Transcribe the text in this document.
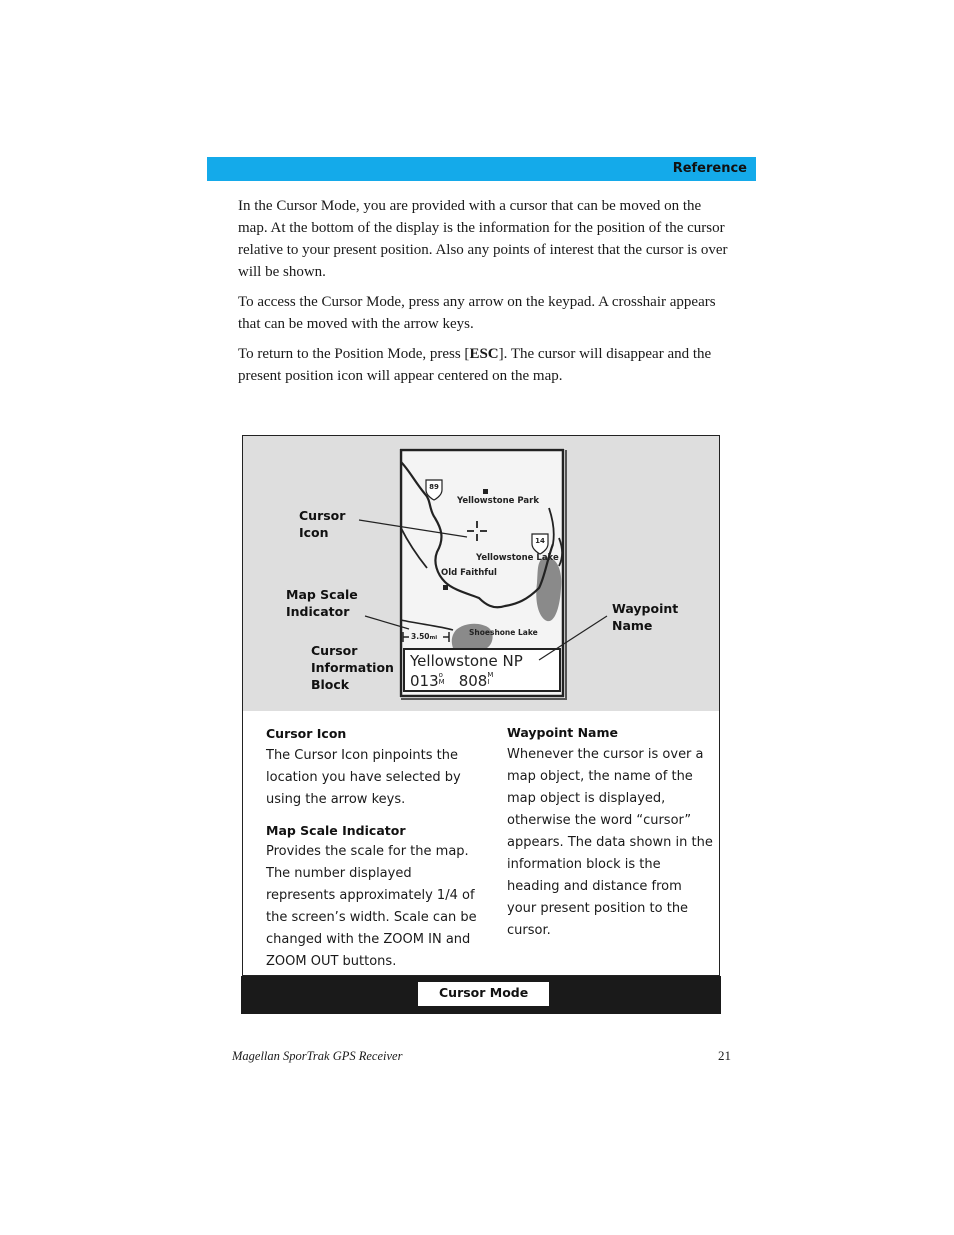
Reference

In the Cursor Mode, you are provided with a cursor that can be moved on the map. At the bottom of the display is the information for the position of the cursor relative to your present position. Also any points of interest that the cursor is over will be shown.

To access the Cursor Mode, press any arrow on the keypad. A crosshair appears that can be moved with the arrow keys.

To return to the Position Mode, press [ESC]. The cursor will disappear and the present position icon will appear centered on the map.

Cursor
Icon
Map Scale
Indicator
Cursor
Information
Block
Waypoint
Name
89
14
Yellowstone Park
Yellowstone Lake
Old Faithful
Shoeshone Lake
3.50mi
Yellowstone NP
013o
M 808M
I
Cursor Icon

The Cursor Icon pinpoints the location you have selected by using the arrow keys.

Map Scale Indicator

Provides the scale for the map. The number displayed represents approximately 1/4 of the screen’s width. Scale can be changed with the ZOOM IN and ZOOM OUT buttons.

Waypoint Name

Whenever the cursor is over a map object, the name of the map object is displayed, otherwise the word “cursor” appears. The data shown in the information block is the heading and distance from your present position to the cursor.

Cursor Mode
Magellan SporTrak GPS Receiver	21
